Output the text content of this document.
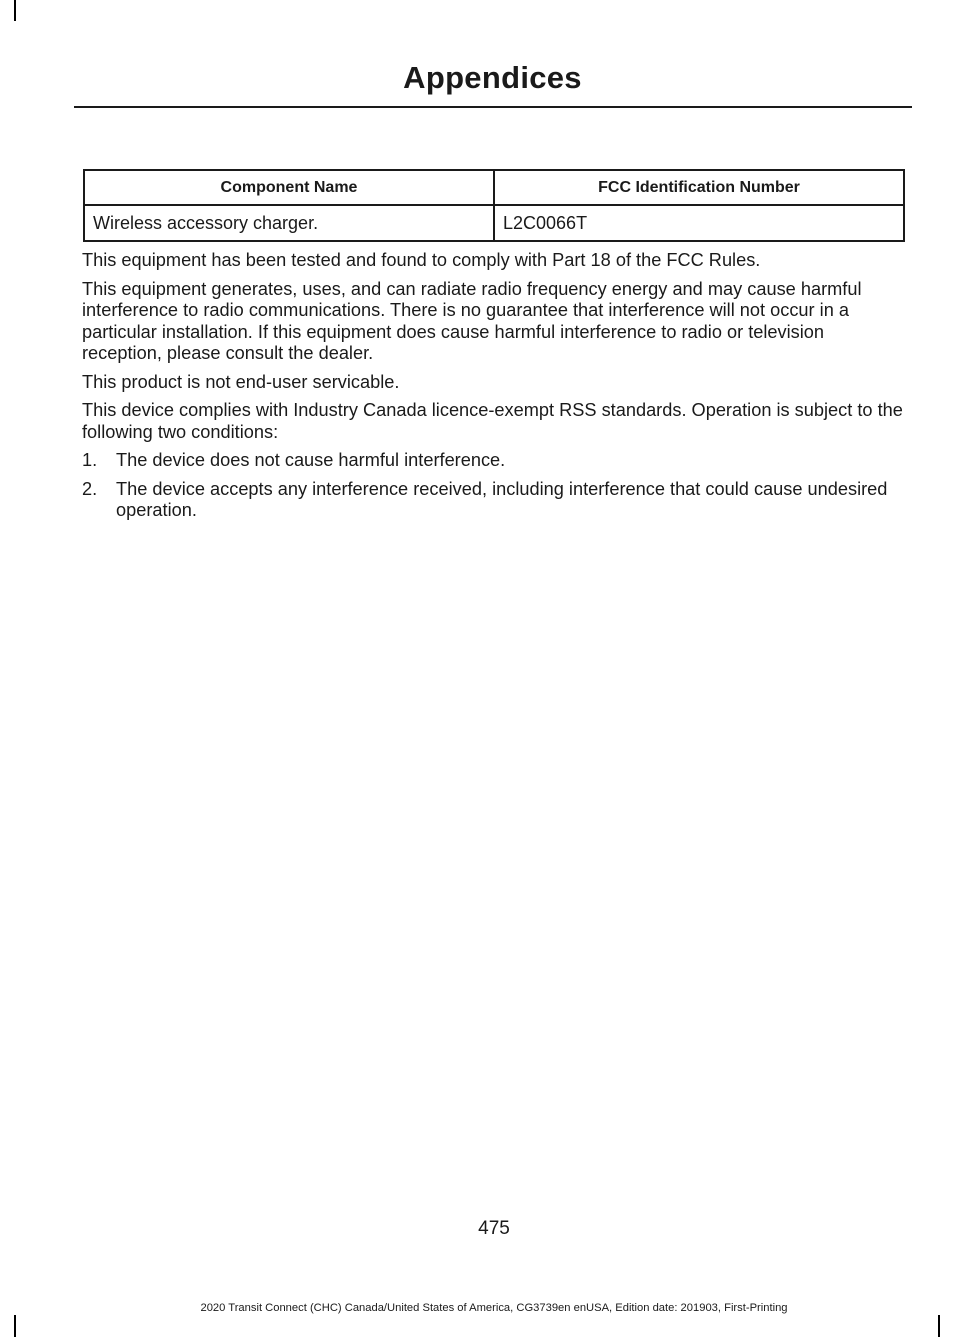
Appendices
Component Name	FCC Identification Number
Wireless accessory charger.	L2C0066T

This equipment has been tested and found to comply with Part 18 of the FCC Rules.

This equipment generates, uses, and can radiate radio frequency energy and may cause harmful interference to radio communications. There is no guarantee that interference will not occur in a particular installation. If this equipment does cause harmful interference to radio or television reception, please consult the dealer.

This product is not end-user servicable.

This device complies with Industry Canada licence-exempt RSS standards. Operation is subject to the following two conditions:

1. The device does not cause harmful interference.
2. The device accepts any interference received, including interference that could cause undesired operation.
475
2020 Transit Connect (CHC) Canada/United States of America, CG3739en enUSA, Edition date: 201903, First-Printing
